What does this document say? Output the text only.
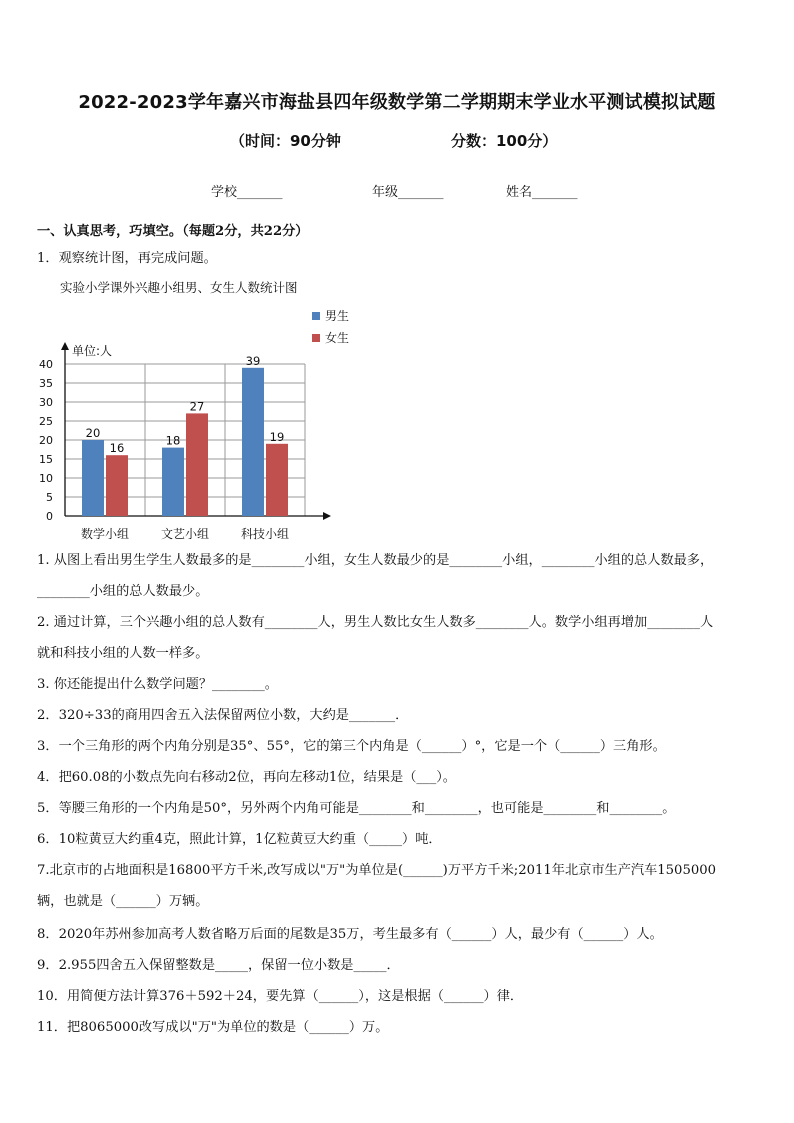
2022-2023学年嘉兴市海盐县四年级数学第二学期期末学业水平测试模拟试题
（时间：90分钟	分数：100分）
学校_______	年级_______	姓名_______
一、认真思考，巧填空。（每题2分，共22分）
1．观察统计图，再完成问题。
实验小学课外兴趣小组男、女生人数统计图
0
5
10
15
20
25
30
35
40
20
16
数学小组
18
27
文艺小组
39
19
科技小组
单位:人
男生
女生
1. 从图上看出男生学生人数最多的是________小组，女生人数最少的是________小组，________小组的总人数最多，
________小组的总人数最少。
2. 通过计算，三个兴趣小组的总人数有________人，男生人数比女生人数多________人。数学小组再增加________人
就和科技小组的人数一样多。
3. 你还能提出什么数学问题？________。
2．320÷33的商用四舍五入法保留两位小数，大约是_______．
3．一个三角形的两个内角分别是35°、55°，它的第三个内角是（______）°，它是一个（______）三角形。
4．把60.08的小数点先向右移动2位，再向左移动1位，结果是（___）。
5．等腰三角形的一个内角是50°，另外两个内角可能是________和________，也可能是________和________。
6．10粒黄豆大约重4克，照此计算，1亿粒黄豆大约重（_____）吨．
7.北京市的占地面积是16800平方千米,改写成以"万"为单位是(______)万平方千米;2011年北京市生产汽车1505000
辆，也就是（______）万辆。
8．2020年苏州参加高考人数省略万后面的尾数是35万，考生最多有（______）人，最少有（______）人。
9．2.955四舍五入保留整数是_____，保留一位小数是_____．
10．用简便方法计算376＋592＋24，要先算（______），这是根据（______）律．
11．把8065000改写成以"万"为单位的数是（______）万。
